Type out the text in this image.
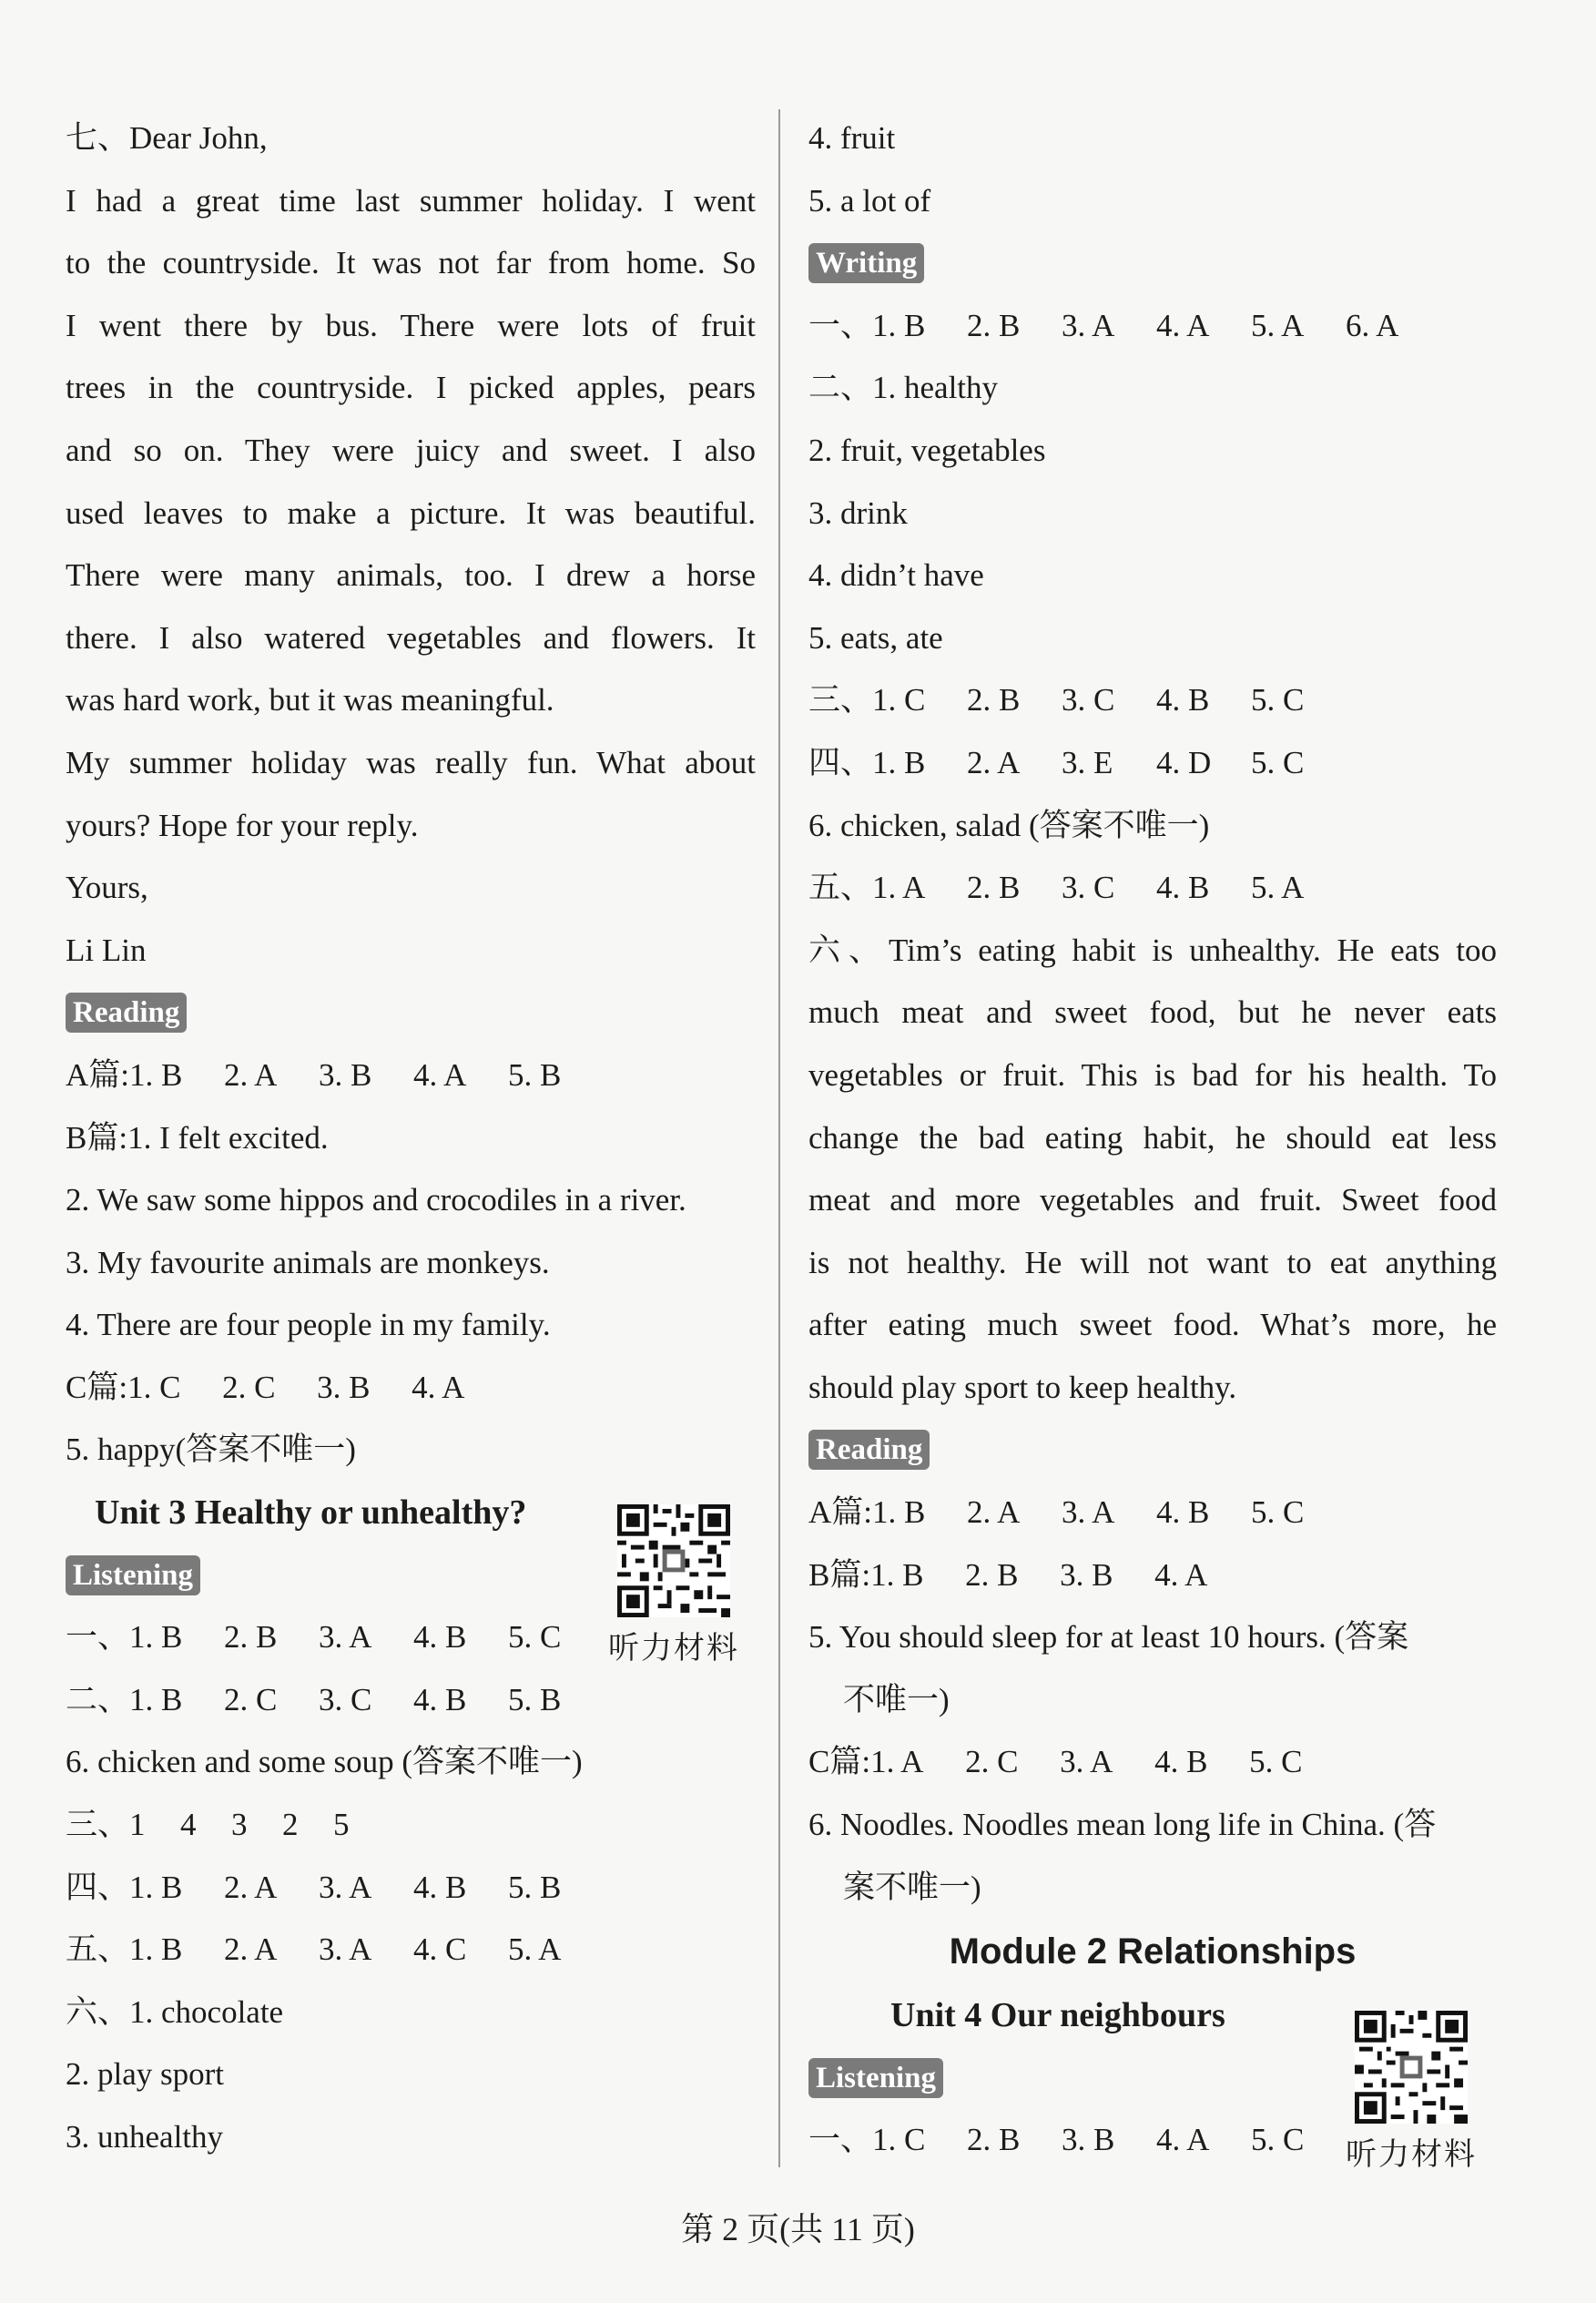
七、Dear John,
I had a great time last summer holiday. I went
to the countryside. It was not far from home. So
I went there by bus. There were lots of fruit
trees in the countryside. I picked apples, pears
and so on. They were juicy and sweet. I also
used leaves to make a picture. It was beautiful.
There were many animals, too. I drew a horse
there. I also watered vegetables and flowers. It
was hard work, but it was meaningful.
My summer holiday was really fun. What about
yours? Hope for your reply.
Yours,
Li Lin
Reading
A篇: 1. B	2. A	3. B	4. A	5. B
B篇:1. I felt excited.
2. We saw some hippos and crocodiles in a river.
3. My favourite animals are monkeys.
4. There are four people in my family.
C篇: 1. C	2. C	3. B	4. A
5. happy(答案不唯一)
Unit 3 Healthy or unhealthy?
Listening
一、 1. B	2. B	3. A	4. B	5. C
二、 1. B	2. C	3. C	4. B	5. B
6. chicken and some soup (答案不唯一)
三、 1	4	3	2	5
四、 1. B	2. A	3. A	4. B	5. B
五、 1. B	2. A	3. A	4. C	5. A
六、1. chocolate
2. play sport
3. unhealthy
听力材料
4. fruit
5. a lot of
Writing
一、 1. B	2. B	3. A	4. A	5. A	6. A
二、1. healthy
2. fruit, vegetables
3. drink
4. didn’t have
5. eats, ate
三、 1. C	2. B	3. C	4. B	5. C
四、 1. B	2. A	3. E	4. D	5. C
6. chicken, salad (答案不唯一)
五、 1. A	2. B	3. C	4. B	5. A
六、Tim’s eating habit is unhealthy. He eats too
much meat and sweet food, but he never eats
vegetables or fruit. This is bad for his health. To
change the bad eating habit, he should eat less
meat and more vegetables and fruit. Sweet food
is not healthy. He will not want to eat anything
after eating much sweet food. What’s more, he
should play sport to keep healthy.
Reading
A篇: 1. B	2. A	3. A	4. B	5. C
B篇: 1. B	2. B	3. B	4. A
5. You should sleep for at least 10 hours. (答案
不唯一)
C篇: 1. A	2. C	3. A	4. B	5. C
6. Noodles. Noodles mean long life in China. (答
案不唯一)
Module 2 Relationships
Unit 4 Our neighbours
Listening
一、 1. C	2. B	3. B	4. A	5. C	听力材料
第 2 页(共 11 页)
